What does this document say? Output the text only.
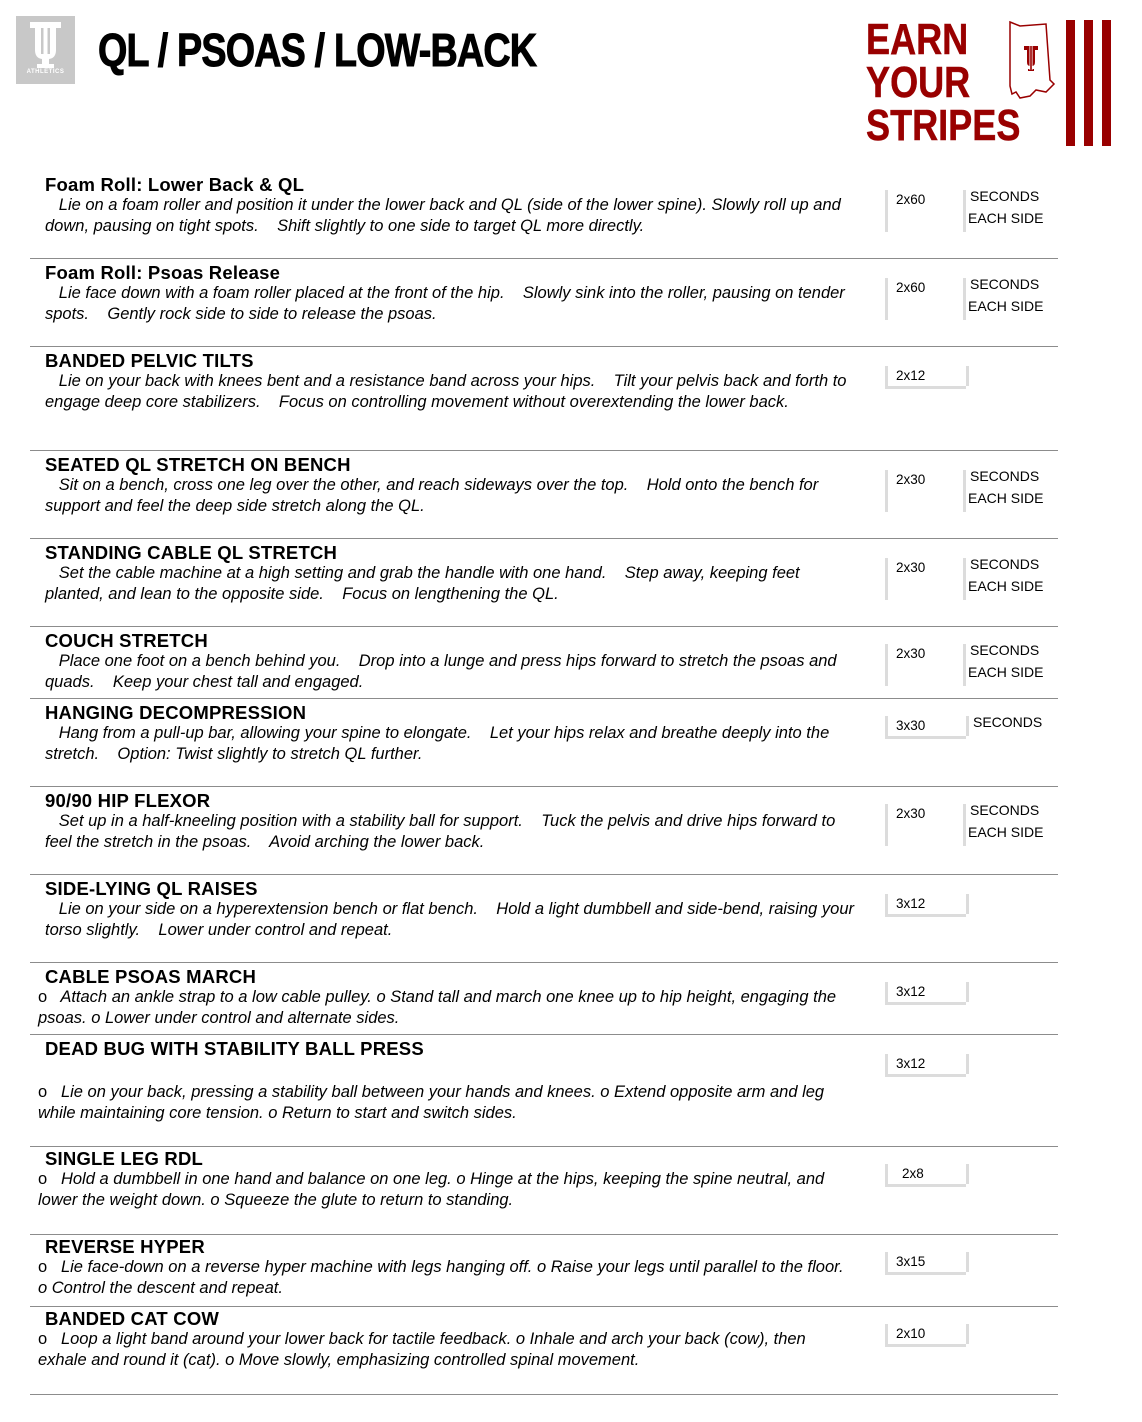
ATHLETICS QL / PSOAS / LOW-BACK	EARN
YOUR
STRIPES
Foam Roll: Lower Back & QL
Lie on a foam roller and position it under the lower back and QL (side of the lower spine). Slowly roll up and down, pausing on tight spots.    Shift slightly to one side to target QL more directly.
2x60	SECONDS
EACH SIDE
Foam Roll: Psoas Release
Lie face down with a foam roller placed at the front of the hip.    Slowly sink into the roller, pausing on tender spots.    Gently rock side to side to release the psoas.
2x60	SECONDS
EACH SIDE
BANDED PELVIC TILTS
Lie on your back with knees bent and a resistance band across your hips.    Tilt your pelvis back and forth to engage deep core stabilizers.    Focus on controlling movement without overextending the lower back.
2x12
SEATED QL STRETCH ON BENCH
Sit on a bench, cross one leg over the other, and reach sideways over the top.    Hold onto the bench for support and feel the deep side stretch along the QL.
2x30	SECONDS
EACH SIDE
STANDING CABLE QL STRETCH
Set the cable machine at a high setting and grab the handle with one hand.    Step away, keeping feet planted, and lean to the opposite side.    Focus on lengthening the QL.
2x30	SECONDS
EACH SIDE
COUCH STRETCH
Place one foot on a bench behind you.    Drop into a lunge and press hips forward to stretch the psoas and quads.    Keep your chest tall and engaged.
2x30	SECONDS
EACH SIDE
HANGING DECOMPRESSION
Hang from a pull-up bar, allowing your spine to elongate.    Let your hips relax and breathe deeply into the stretch.    Option: Twist slightly to stretch QL further.
3x30	SECONDS
90/90 HIP FLEXOR
Set up in a half-kneeling position with a stability ball for support.    Tuck the pelvis and drive hips forward to feel the stretch in the psoas.    Avoid arching the lower back.
2x30	SECONDS
EACH SIDE
SIDE-LYING QL RAISES
Lie on your side on a hyperextension bench or flat bench.    Hold a light dumbbell and side-bend, raising your torso slightly.    Lower under control and repeat.
3x12
CABLE PSOAS MARCH
o Attach an ankle strap to a low cable pulley. o Stand tall and march one knee up to hip height, engaging the psoas. o Lower under control and alternate sides.
3x12
DEAD BUG WITH STABILITY BALL PRESS
o Lie on your back, pressing a stability ball between your hands and knees. o Extend opposite arm and leg while maintaining core tension. o Return to start and switch sides.
3x12
SINGLE LEG RDL
o Hold a dumbbell in one hand and balance on one leg. o Hinge at the hips, keeping the spine neutral, and lower the weight down. o Squeeze the glute to return to standing.
2x8
REVERSE HYPER
o Lie face-down on a reverse hyper machine with legs hanging off. o Raise your legs until parallel to the floor. o Control the descent and repeat.
3x15
BANDED CAT COW
o Loop a light band around your lower back for tactile feedback. o Inhale and arch your back (cow), then exhale and round it (cat). o Move slowly, emphasizing controlled spinal movement.
2x10
